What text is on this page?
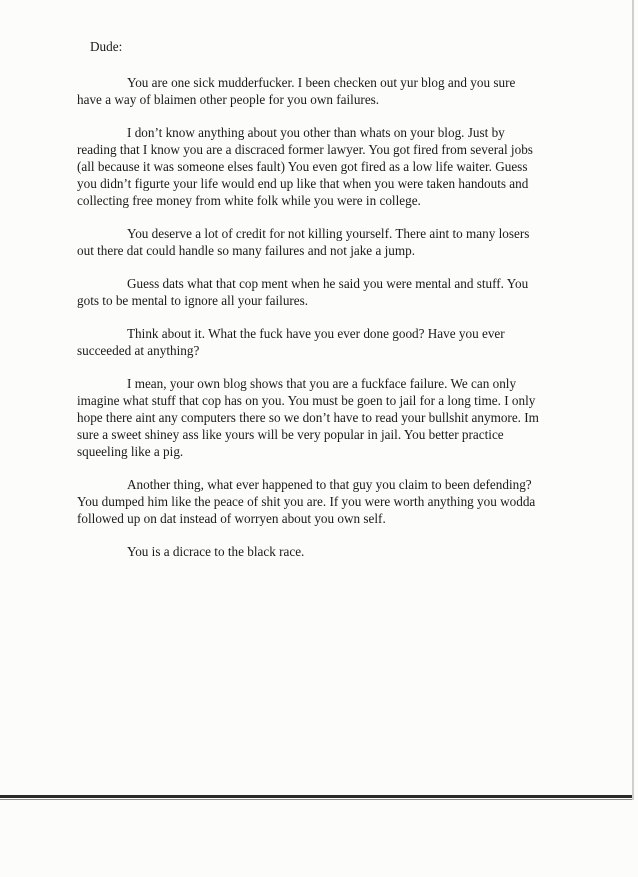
Dude:

You are one sick mudderfucker. I been checken out yur blog and you sure have a way of blaimen other people for you own failures.

I don’t know anything about you other than whats on your blog. Just by reading that I know you are a discraced former lawyer. You got fired from several jobs (all because it was someone elses fault) You even got fired as a low life waiter. Guess you didn’t figurte your life would end up like that when you were taken handouts and collecting free money from white folk while you were in college.

You deserve a lot of credit for not killing yourself. There aint to many losers out there dat could handle so many failures and not jake a jump.

Guess dats what that cop ment when he said you were mental and stuff. You gots to be mental to ignore all your failures.

Think about it. What the fuck have you ever done good? Have you ever succeeded at anything?

I mean, your own blog shows that you are a fuckface failure. We can only imagine what stuff that cop has on you. You must be goen to jail for a long time. I only hope there aint any computers there so we don’t have to read your bullshit anymore. Im sure a sweet shiney ass like yours will be very popular in jail. You better practice squeeling like a pig.

Another thing, what ever happened to that guy you claim to been defending? You dumped him like the peace of shit you are. If you were worth anything you wodda followed up on dat instead of worryen about you own self.

You is a dicrace to the black race.
